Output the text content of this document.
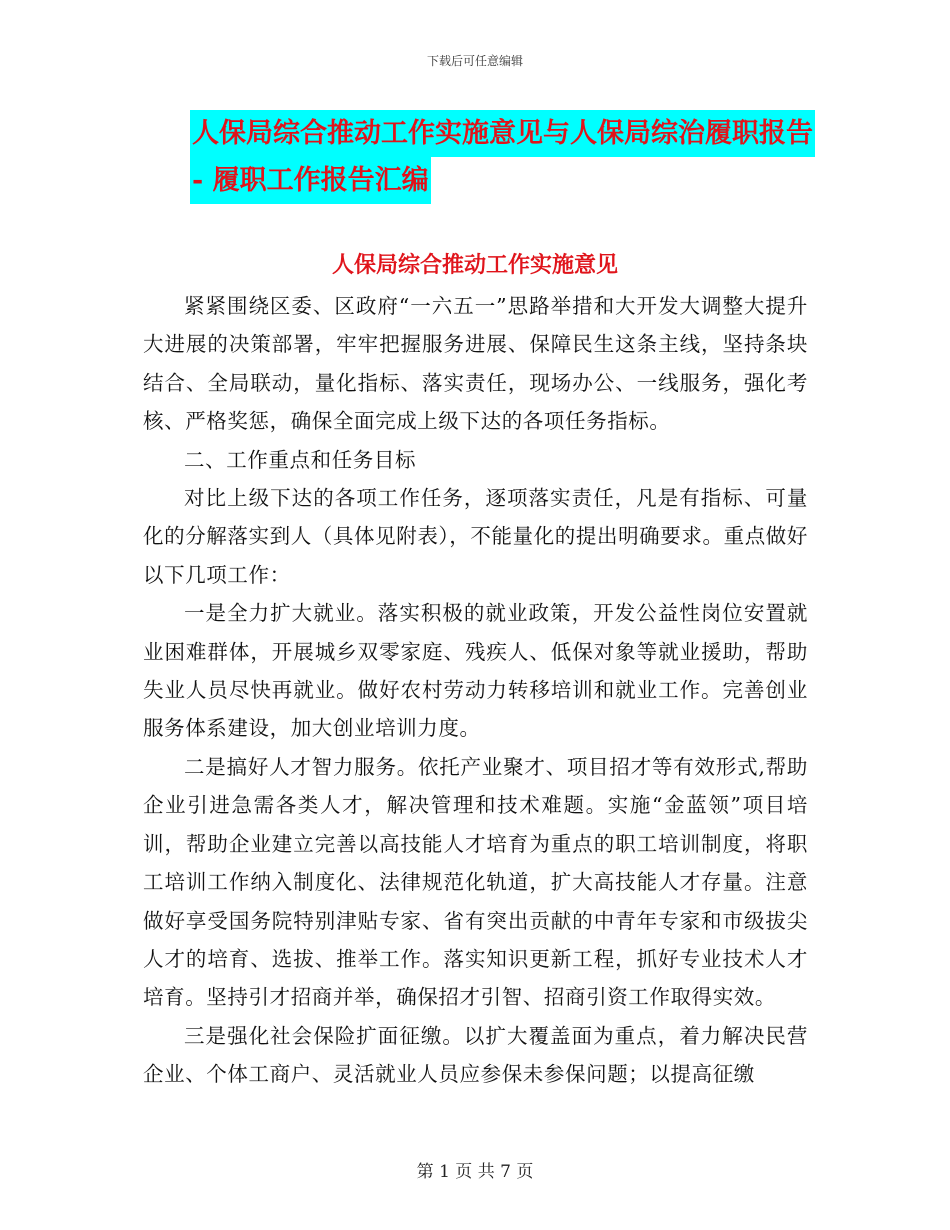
下载后可任意编辑
人保局综合推动工作实施意见与人保局综治履职报告
- 履职工作报告汇编
人保局综合推动工作实施意见

紧紧围绕区委、区政府“一六五一”思路举措和大开发大调整大提升大进展的决策部署，牢牢把握服务进展、保障民生这条主线，坚持条块结合、全局联动，量化指标、落实责任，现场办公、一线服务，强化考核、严格奖惩，确保全面完成上级下达的各项任务指标。

二、工作重点和任务目标

对比上级下达的各项工作任务，逐项落实责任，凡是有指标、可量化的分解落实到人（具体见附表），不能量化的提出明确要求。重点做好以下几项工作：

一是全力扩大就业。落实积极的就业政策，开发公益性岗位安置就业困难群体，开展城乡双零家庭、残疾人、低保对象等就业援助，帮助失业人员尽快再就业。做好农村劳动力转移培训和就业工作。完善创业服务体系建设，加大创业培训力度。

二是搞好人才智力服务。依托产业聚才、项目招才等有效形式,帮助企业引进急需各类人才，解决管理和技术难题。实施“金蓝领”项目培训，帮助企业建立完善以高技能人才培育为重点的职工培训制度，将职工培训工作纳入制度化、法律规范化轨道，扩大高技能人才存量。注意做好享受国务院特别津贴专家、省有突出贡献的中青年专家和市级拔尖人才的培育、选拔、推举工作。落实知识更新工程，抓好专业技术人才培育。坚持引才招商并举，确保招才引智、招商引资工作取得实效。

三是强化社会保险扩面征缴。以扩大覆盖面为重点，着力解决民营企业、个体工商户、灵活就业人员应参保未参保问题；以提高征缴

第 1 页 共 7 页
